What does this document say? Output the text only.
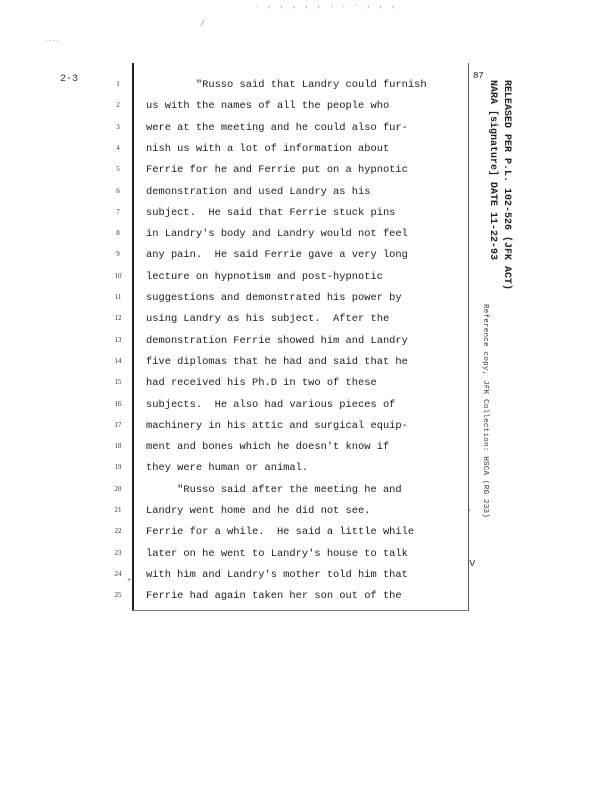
. , , , , , . . · , , ,
/
....
2-3	1
2
3
4
5
6
7
8
9
10
11
12
13
14
15
16
17
18
19
20
21
22
23
24
25
"Russo said that Landry could furnish
us with the names of all the people who
were at the meeting and he could also fur-
nish us with a lot of information about
Ferrie for he and Ferrie put on a hypnotic
demonstration and used Landry as his
subject.  He said that Ferrie stuck pins
in Landry's body and Landry would not feel
any pain.  He said Ferrie gave a very long
lecture on hypnotism and post-hypnotic
suggestions and demonstrated his power by
using Landry as his subject.  After the
demonstration Ferrie showed him and Landry
five diplomas that he had and said that he
had received his Ph.D in two of these
subjects.  He also had various pieces of
machinery in his attic and surgical equip-
ment and bones which he doesn't know if
they were human or animal.
"Russo said after the meeting he and
Landry went home and he did not see.
Ferrie for a while.  He said a little while
later on he went to Landry's house to talk
with him and Landry's mother told him that
Ferrie had again taken her son out of the
87
RELEASED PER P.L. 102-526 (JFK ACT)
NARA [signature] DATE 11-22-93
Reference copy, JFK Collection: HSCA (RG 233)
·
v
+
